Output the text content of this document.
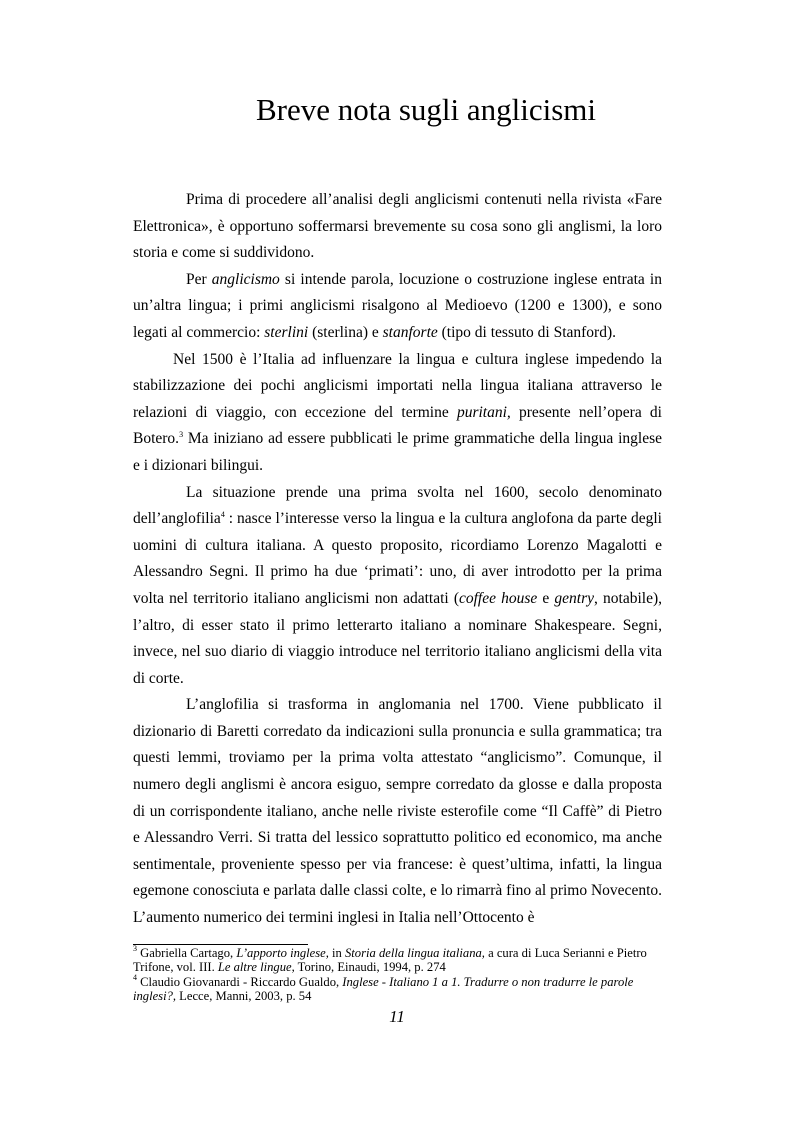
Breve nota sugli anglicismi

Prima di procedere all’analisi degli anglicismi contenuti nella rivista «Fare Elettronica», è opportuno soffermarsi brevemente su cosa sono gli anglismi, la loro storia e come si suddividono.

Per anglicismo si intende parola, locuzione o costruzione inglese entrata in un’altra lingua; i primi anglicismi risalgono al Medioevo (1200 e 1300), e sono legati al commercio: sterlini (sterlina) e stanforte (tipo di tessuto di Stanford).

Nel 1500 è l’Italia ad influenzare la lingua e cultura inglese impedendo la stabilizzazione dei pochi anglicismi importati nella lingua italiana attraverso le relazioni di viaggio, con eccezione del termine puritani, presente nell’opera di Botero.$^3$ Ma iniziano ad essere pubblicati le prime grammatiche della lingua inglese e i dizionari bilingui.

La situazione prende una prima svolta nel 1600, secolo denominato dell’anglofilia$^4$ : nasce l’interesse verso la lingua e la cultura anglofona da parte degli uomini di cultura italiana. A questo proposito, ricordiamo Lorenzo Magalotti e Alessandro Segni. Il primo ha due ‘primati’: uno, di aver introdotto per la prima volta nel territorio italiano anglicismi non adattati (coffee house e gentry, notabile), l’altro, di esser stato il primo letterarto italiano a nominare Shakespeare. Segni, invece, nel suo diario di viaggio introduce nel territorio italiano anglicismi della vita di corte.

L’anglofilia si trasforma in anglomania nel 1700. Viene pubblicato il dizionario di Baretti corredato da indicazioni sulla pronuncia e sulla grammatica; tra questi lemmi, troviamo per la prima volta attestato “anglicismo”. Comunque, il numero degli anglismi è ancora esiguo, sempre corredato da glosse e dalla proposta di un corrispondente italiano, anche nelle riviste esterofile come “Il Caffè” di Pietro e Alessandro Verri. Si tratta del lessico soprattutto politico ed economico, ma anche sentimentale, proveniente spesso per via francese: è quest’ultima, infatti, la lingua egemone conosciuta e parlata dalle classi colte, e lo rimarrà fino al primo Novecento. L’aumento numerico dei termini inglesi in Italia nell’Ottocento è

$^3$ Gabriella Cartago, L’apporto inglese, in Storia della lingua italiana, a cura di Luca Serianni e Pietro Trifone, vol. III. Le altre lingue, Torino, Einaudi, 1994, p. 274

$^4$ Claudio Giovanardi - Riccardo Gualdo, Inglese - Italiano 1 a 1. Tradurre o non tradurre le parole inglesi?, Lecce, Manni, 2003, p. 54

11
